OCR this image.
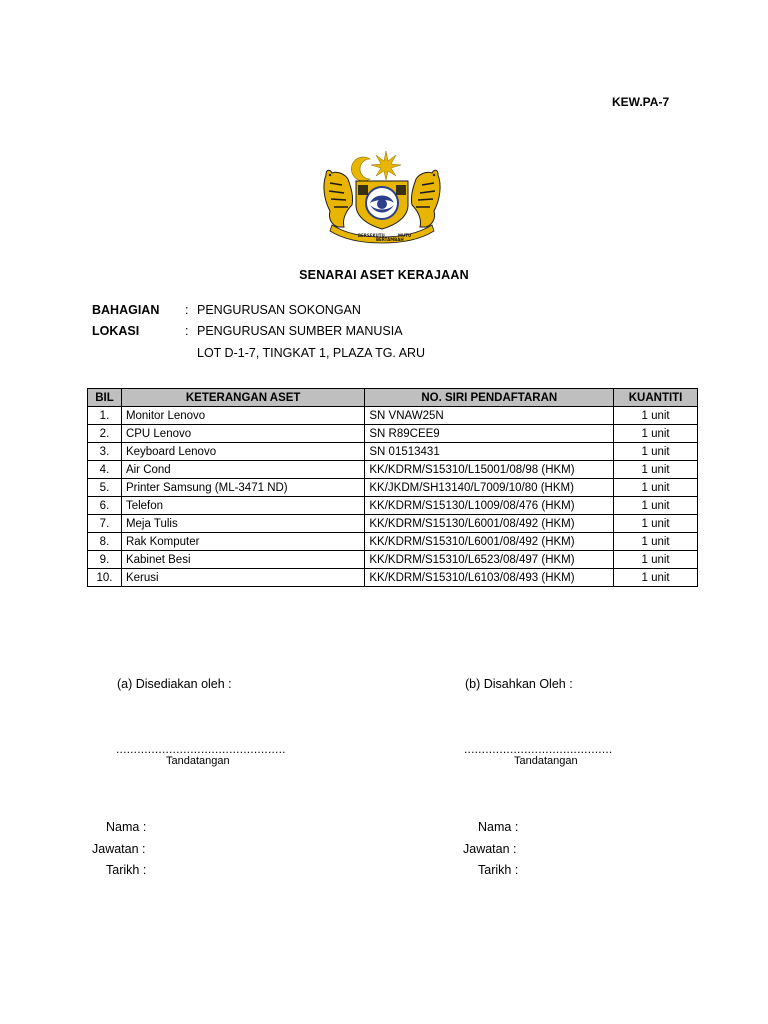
KEW.PA-7
BERSEKUTU
BERTAMBAH
MUTU
SENARAI ASET KERAJAAN
BAHAGIAN : PENGURUSAN SOKONGAN
LOKASI	: PENGURUSAN SUMBER MANUSIA
LOT D-1-7, TINGKAT 1, PLAZA TG. ARU
BIL	KETERANGAN ASET	NO. SIRI PENDAFTARAN	KUANTITI
1.	Monitor Lenovo	SN VNAW25N	1 unit
2.	CPU Lenovo	SN R89CEE9	1 unit
3.	Keyboard Lenovo	SN 01513431	1 unit
4.	Air Cond	KK/KDRM/S15310/L15001/08/98 (HKM)	1 unit
5.	Printer Samsung (ML-3471 ND)	KK/JKDM/SH13140/L7009/10/80 (HKM)	1 unit
6.	Telefon	KK/KDRM/S15130/L1009/08/476 (HKM)	1 unit
7.	Meja Tulis	KK/KDRM/S15130/L6001/08/492 (HKM)	1 unit
8.	Rak Komputer	KK/KDRM/S15310/L6001/08/492 (HKM)	1 unit
9.	Kabinet Besi	KK/KDRM/S15310/L6523/08/497 (HKM)	1 unit
10.	Kerusi	KK/KDRM/S15310/L6103/08/493 (HKM)	1 unit
(a) Disediakan oleh :	(b) Disahkan Oleh :
................................................
Tandatangan
..........................................
Tandatangan
Nama :
Jawatan :
Tarikh :
Nama :
Jawatan :
Tarikh :
